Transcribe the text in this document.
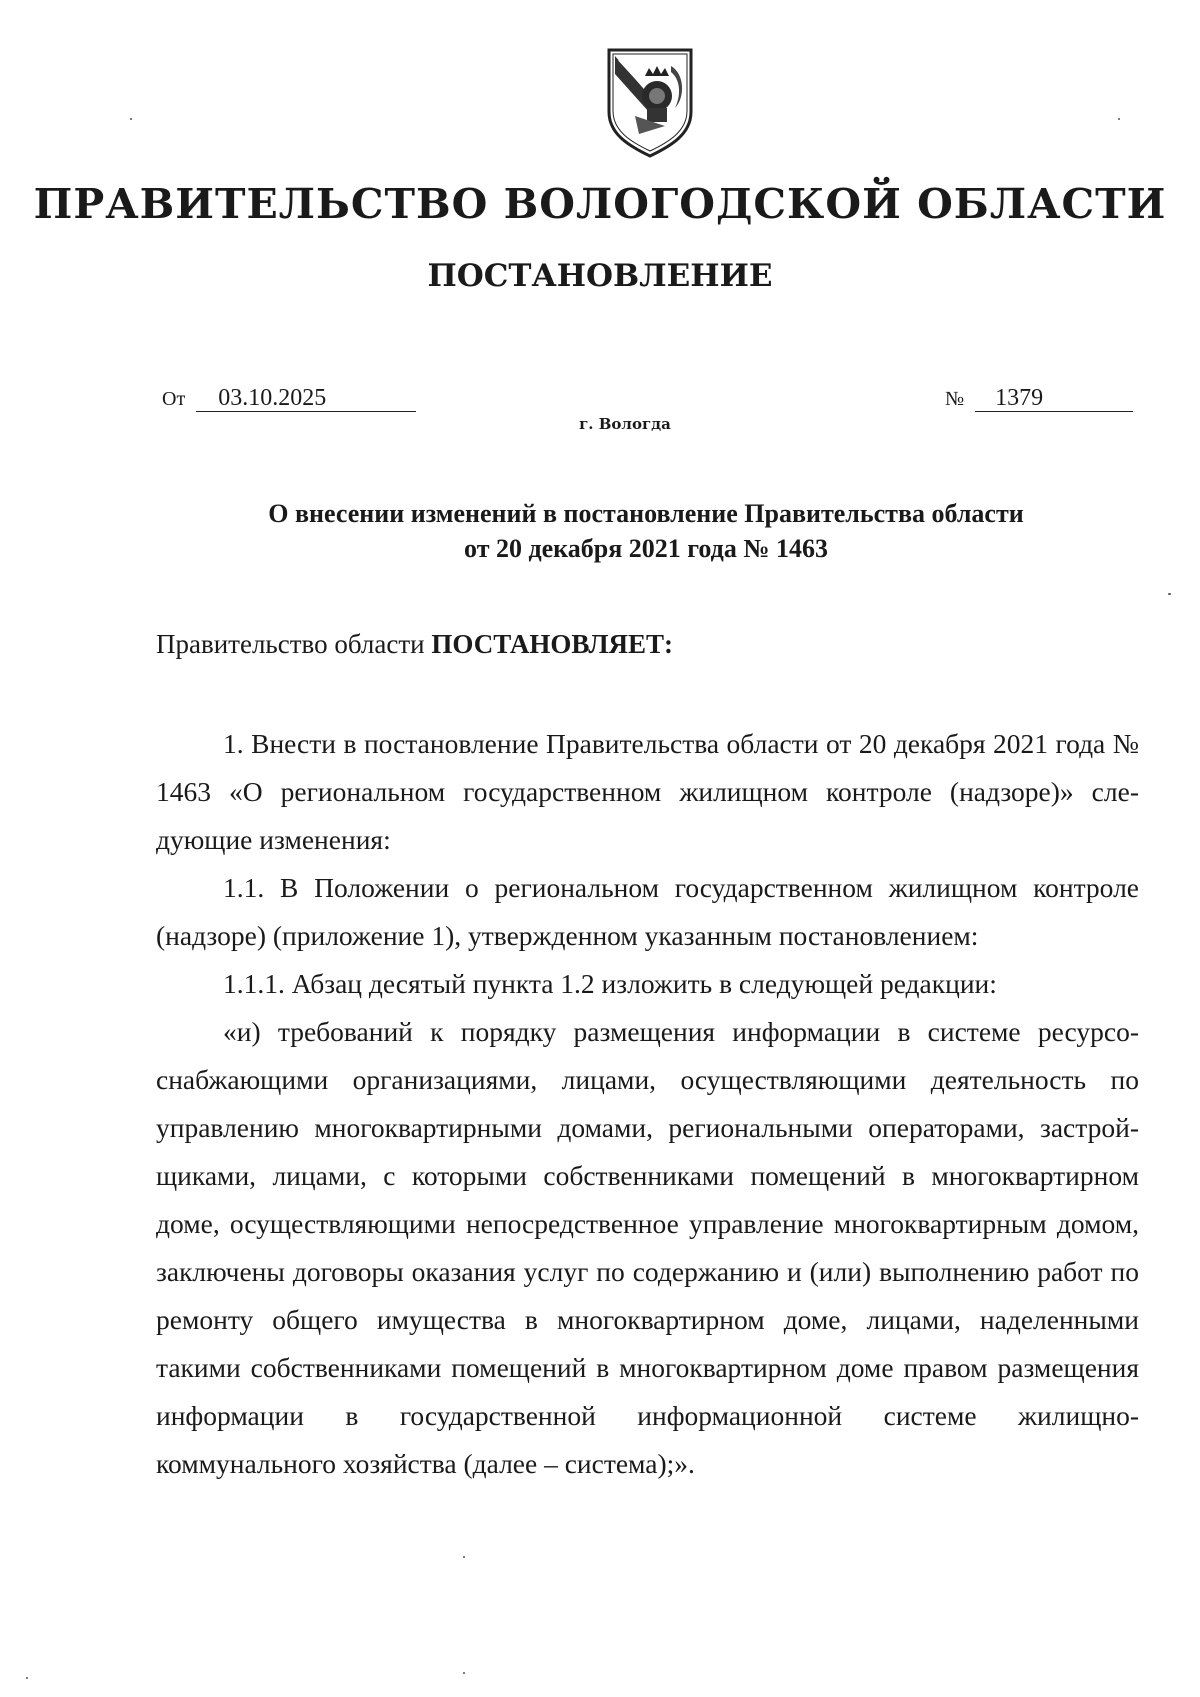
ПРАВИТЕЛЬСТВО ВОЛОГОДСКОЙ ОБЛАСТИ
ПОСТАНОВЛЕНИЕ
От 03.10.2025	№ 1379
г. Вологда
О внесении изменений в постановление Правительства области
от 20 декабря 2021 года № 1463
Правительство области ПОСТАНОВЛЯЕТ:

1. Внести в постановление Правительства области от 20 декабря 2021 года № 1463 «О региональном государственном жилищном контроле (надзоре)» следующие изменения:

1.1. В Положении о региональном государственном жилищном контроле (надзоре) (приложение 1), утвержденном указанным постановлением:

1.1.1. Абзац десятый пункта 1.2 изложить в следующей редакции:

«и) требований к порядку размещения информации в системе ресурсоснабжающими организациями, лицами, осуществляющими деятельность по управлению многоквартирными домами, региональными операторами, застройщиками, лицами, с которыми собственниками помещений в многоквартирном доме, осуществляющими непосредственное управление многоквартирным домом, заключены договоры оказания услуг по содержанию и (или) выполнению работ по ремонту общего имущества в многоквартирном доме, лицами, наделенными такими собственниками помещений в многоквартирном доме правом размещения информации в государственной информационной системе жилищно-коммунального хозяйства (далее – система);».
